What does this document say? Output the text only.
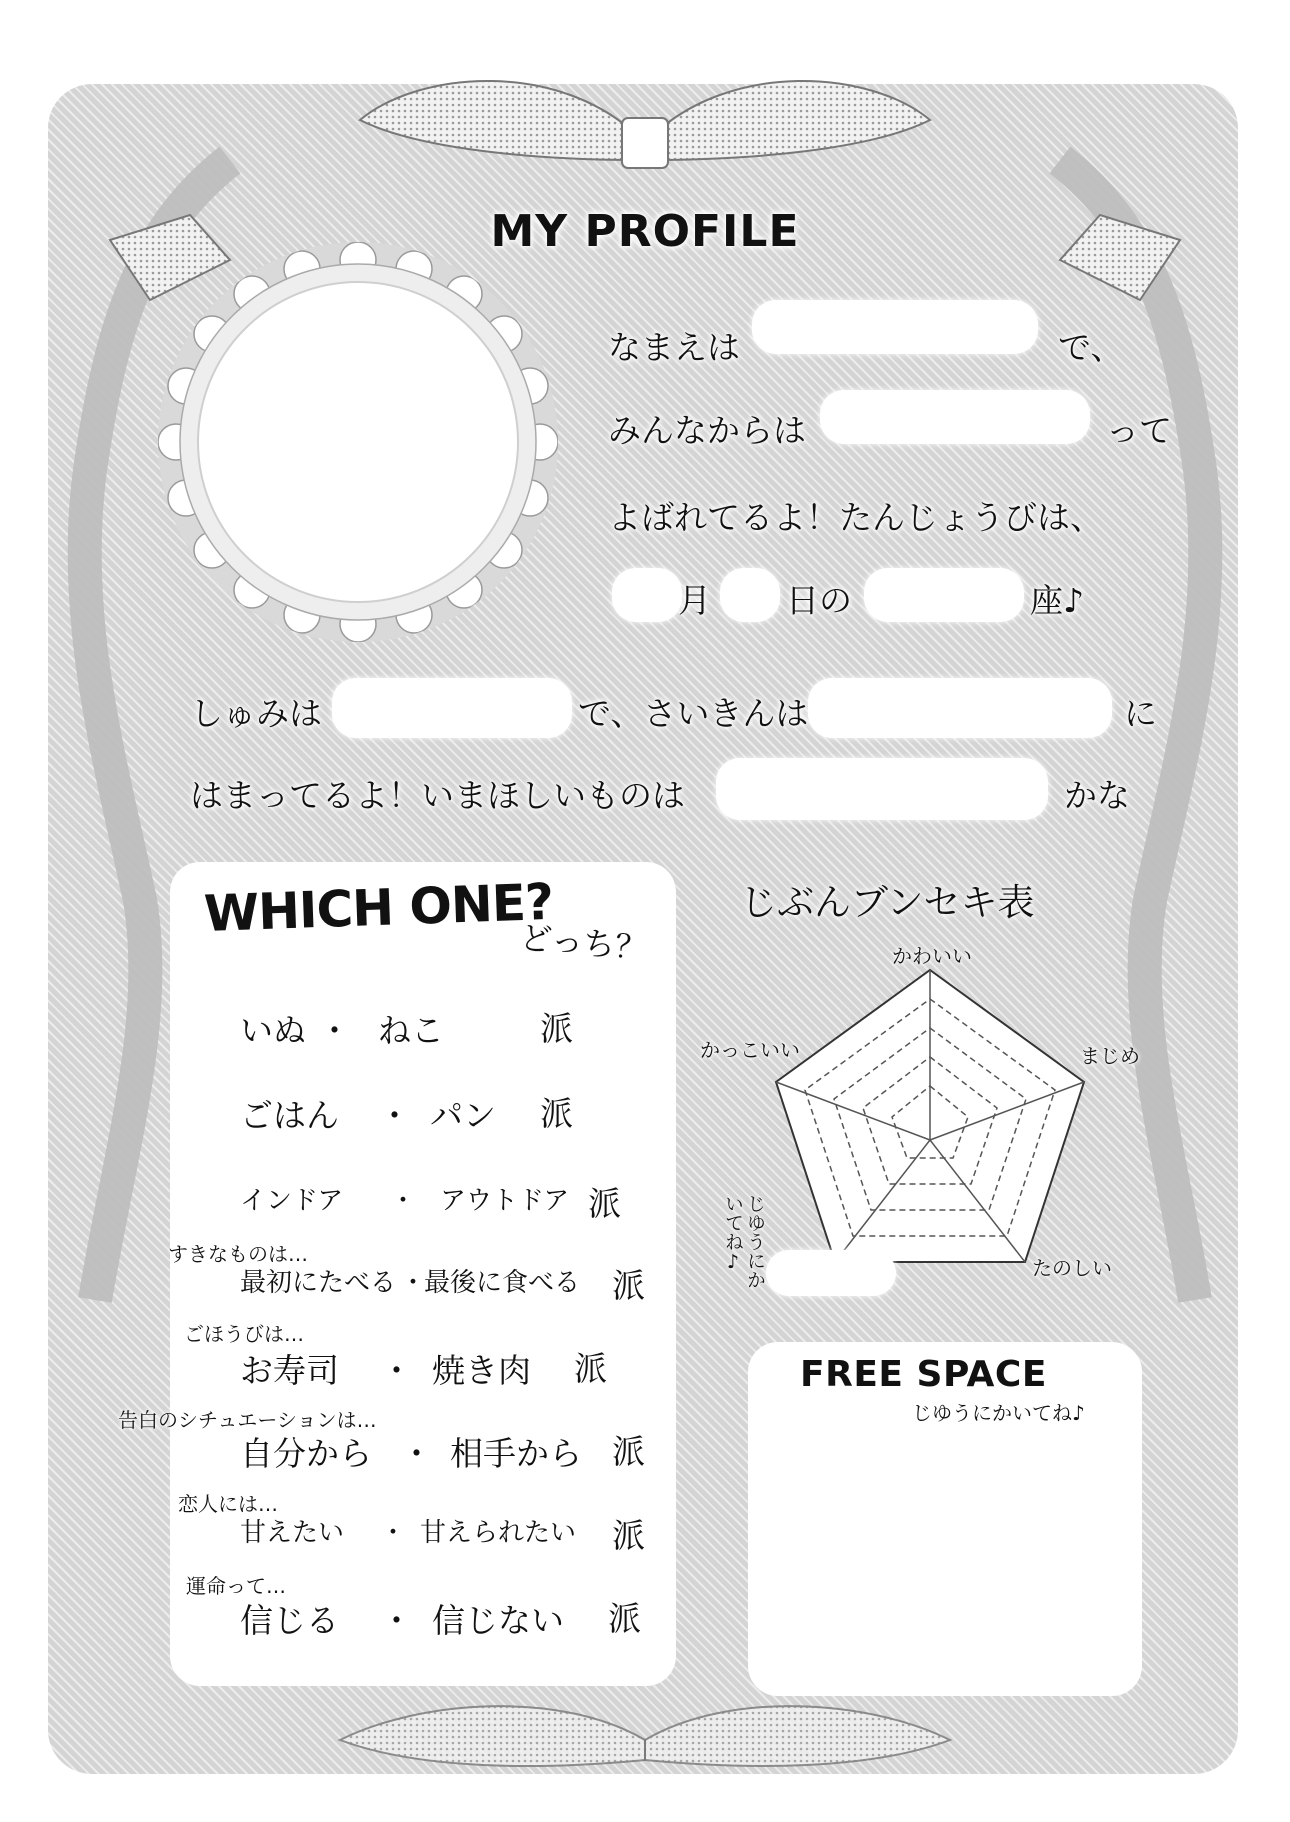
MY PROFILE
なまえは	で、
みんなからは	って
よばれてるよ！たんじょうびは、
月 日の	座♪
しゅみは	で、さいきんは	に
はまってるよ！いまほしいものは	かな
WHICH ONE?
どっち？
いぬ ・ ねこ	派
ごはん ・ パン 派
インドア ・ アウトドア 派
最初にたべる ・
最後に食べる 派
すきなものは…
お寿司 ・ 焼き肉 派
ごほうびは…
自分から ・ 相手から 派
告白のシチュエーションは…
甘えたい ・ 甘えられたい 派
恋人には…
信じる ・ 信じない 派
運命って…
じぶんブンセキ表
かわいい
まじめ
たのしい
かっこいい
じゆうにかいてね♪
FREE SPACE
じゆうにかいてね♪
